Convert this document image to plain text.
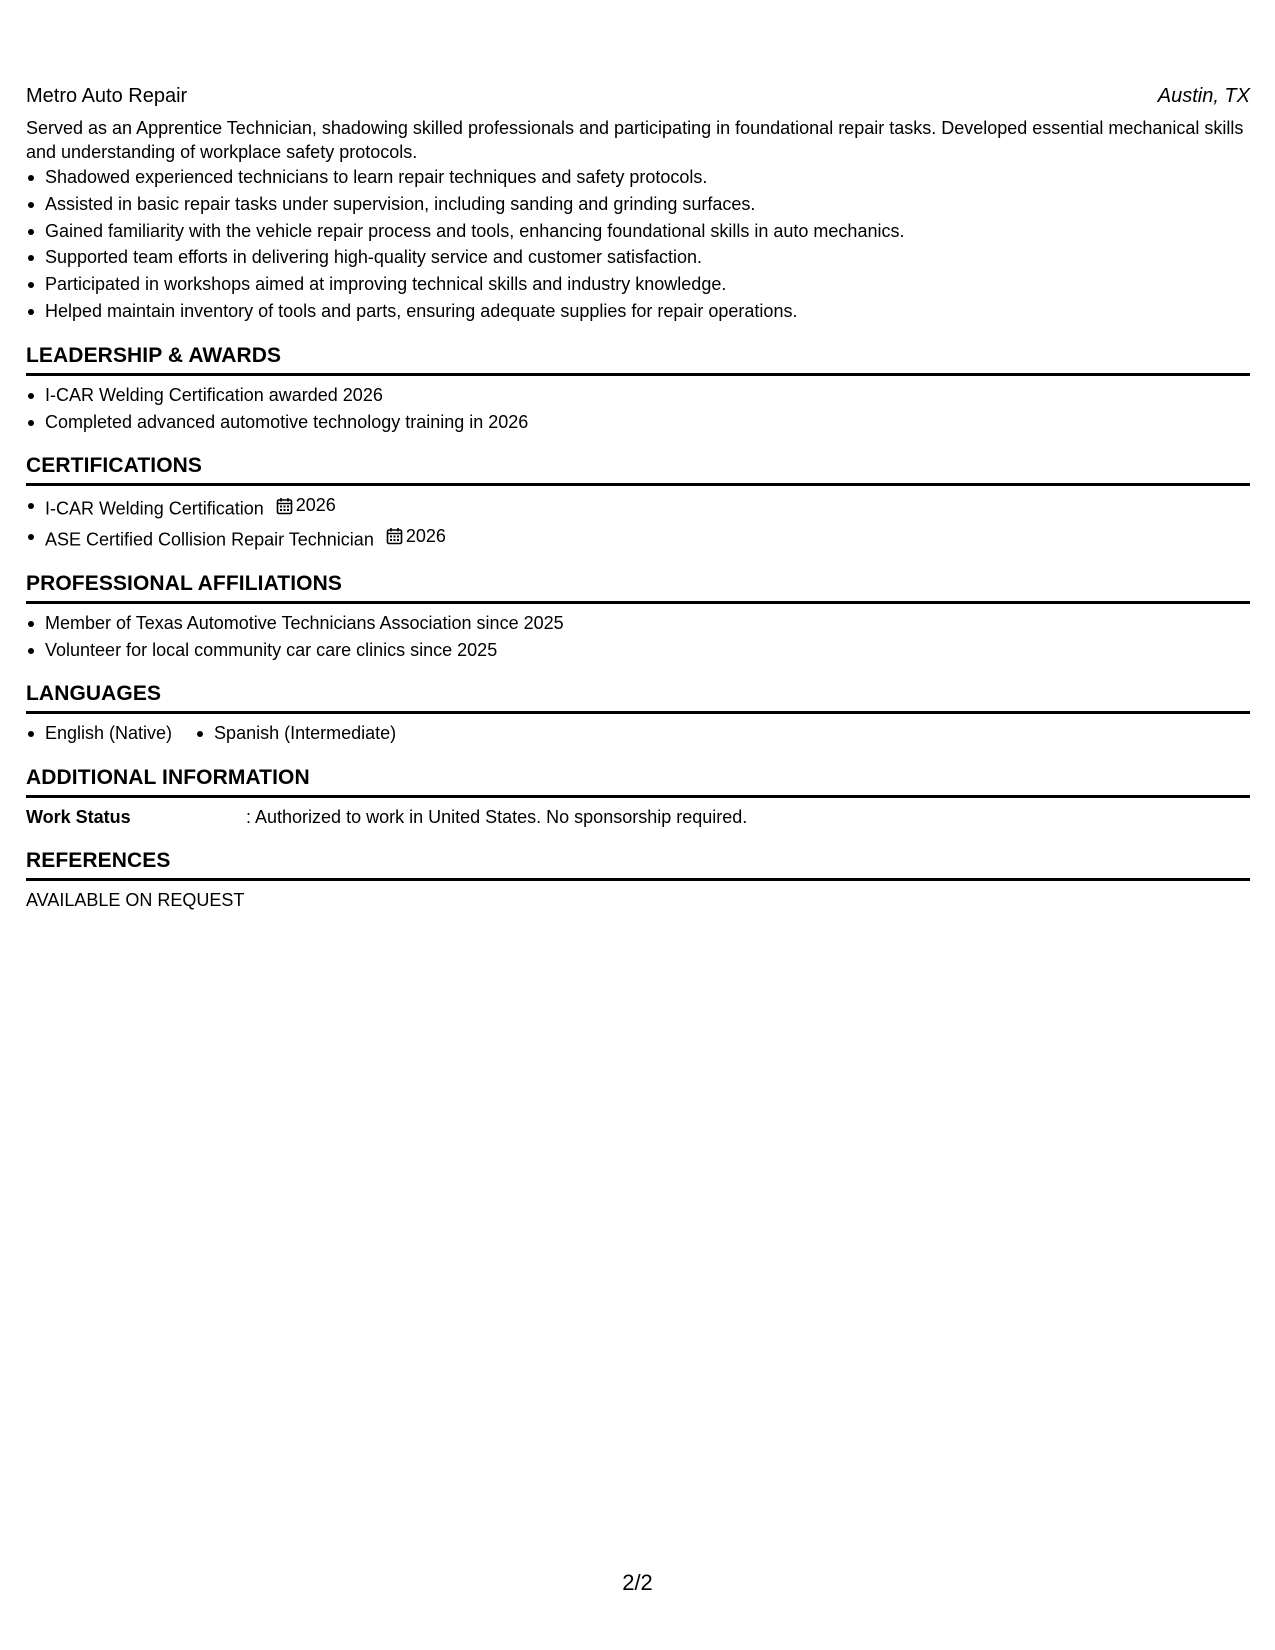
Metro Auto Repair	Austin, TX

Served as an Apprentice Technician, shadowing skilled professionals and participating in foundational repair tasks. Developed essential mechanical skills and understanding of workplace safety protocols.

Shadowed experienced technicians to learn repair techniques and safety protocols.
Assisted in basic repair tasks under supervision, including sanding and grinding surfaces.
Gained familiarity with the vehicle repair process and tools, enhancing foundational skills in auto mechanics.
Supported team efforts in delivering high-quality service and customer satisfaction.
Participated in workshops aimed at improving technical skills and industry knowledge.
Helped maintain inventory of tools and parts, ensuring adequate supplies for repair operations.
LEADERSHIP & AWARDS
I-CAR Welding Certification awarded 2026
Completed advanced automotive technology training in 2026
CERTIFICATIONS
I-CAR Welding Certification 2026
ASE Certified Collision Repair Technician 2026
PROFESSIONAL AFFILIATIONS
Member of Texas Automotive Technicians Association since 2025
Volunteer for local community car care clinics since 2025
LANGUAGES
English (Native) Spanish (Intermediate)
ADDITIONAL INFORMATION
Work Status	: Authorized to work in United States. No sponsorship required.
REFERENCES
AVAILABLE ON REQUEST
2/2
